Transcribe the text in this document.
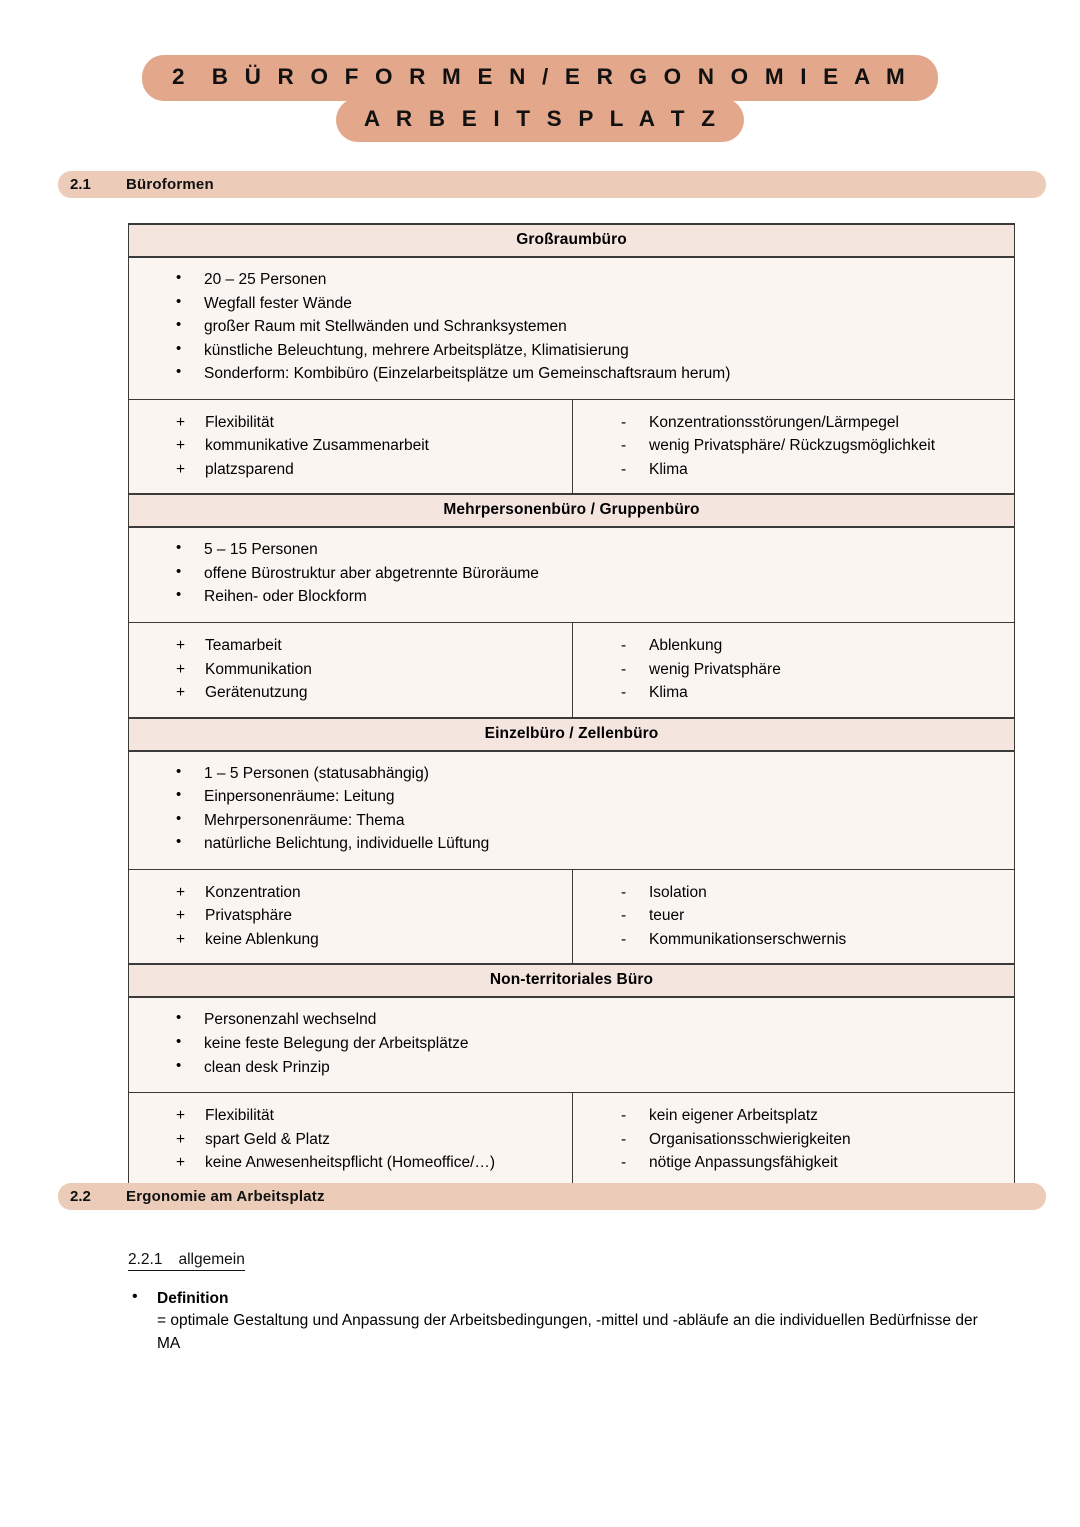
2 B Ü R O F O R M E N / E R G O N O M I E A M
A R B E I T S P L A T Z
2.1	Büroformen
Großraumbüro	

• 20 – 25 Personen
• Wegfall fester Wände
• großer Raum mit Stellwänden und Schranksystemen
• künstliche Beleuchtung, mehrere Arbeitsplätze, Klimatisierung
• Sonderform: Kombibüro (Einzelarbeitsplätze um Gemeinschaftsraum herum)

+ Flexibilität
+ kommunikative Zusammenarbeit
+ platzsparend

- Konzentrationsstörungen/Lärmpegel
- wenig Privatsphäre/ Rückzugsmöglichkeit
- Klima

Mehrpersonenbüro / Gruppenbüro	

• 5 – 15 Personen
• offene Bürostruktur aber abgetrennte Büroräume
• Reihen- oder Blockform

+ Teamarbeit
+ Kommunikation
+ Gerätenutzung

- Ablenkung
- wenig Privatsphäre
- Klima

Einzelbüro / Zellenbüro	

• 1 – 5 Personen (statusabhängig)
• Einpersonenräume: Leitung
• Mehrpersonenräume: Thema
• natürliche Belichtung, individuelle Lüftung

+ Konzentration
+ Privatsphäre
+ keine Ablenkung

- Isolation
- teuer
- Kommunikationserschwernis

Non-territoriales Büro	

• Personenzahl wechselnd
• keine feste Belegung der Arbeitsplätze
• clean desk Prinzip

+ Flexibilität
+ spart Geld & Platz
+ keine Anwesenheitspflicht (Homeoffice/…)

- kein eigener Arbeitsplatz
- Organisationsschwierigkeiten
- nötige Anpassungsfähigkeit
2.2	Ergonomie am Arbeitsplatz
2.2.1 allgemein
• Definition
= optimale Gestaltung und Anpassung der Arbeitsbedingungen, -mittel und -abläufe an die individuellen Bedürfnisse der MA
